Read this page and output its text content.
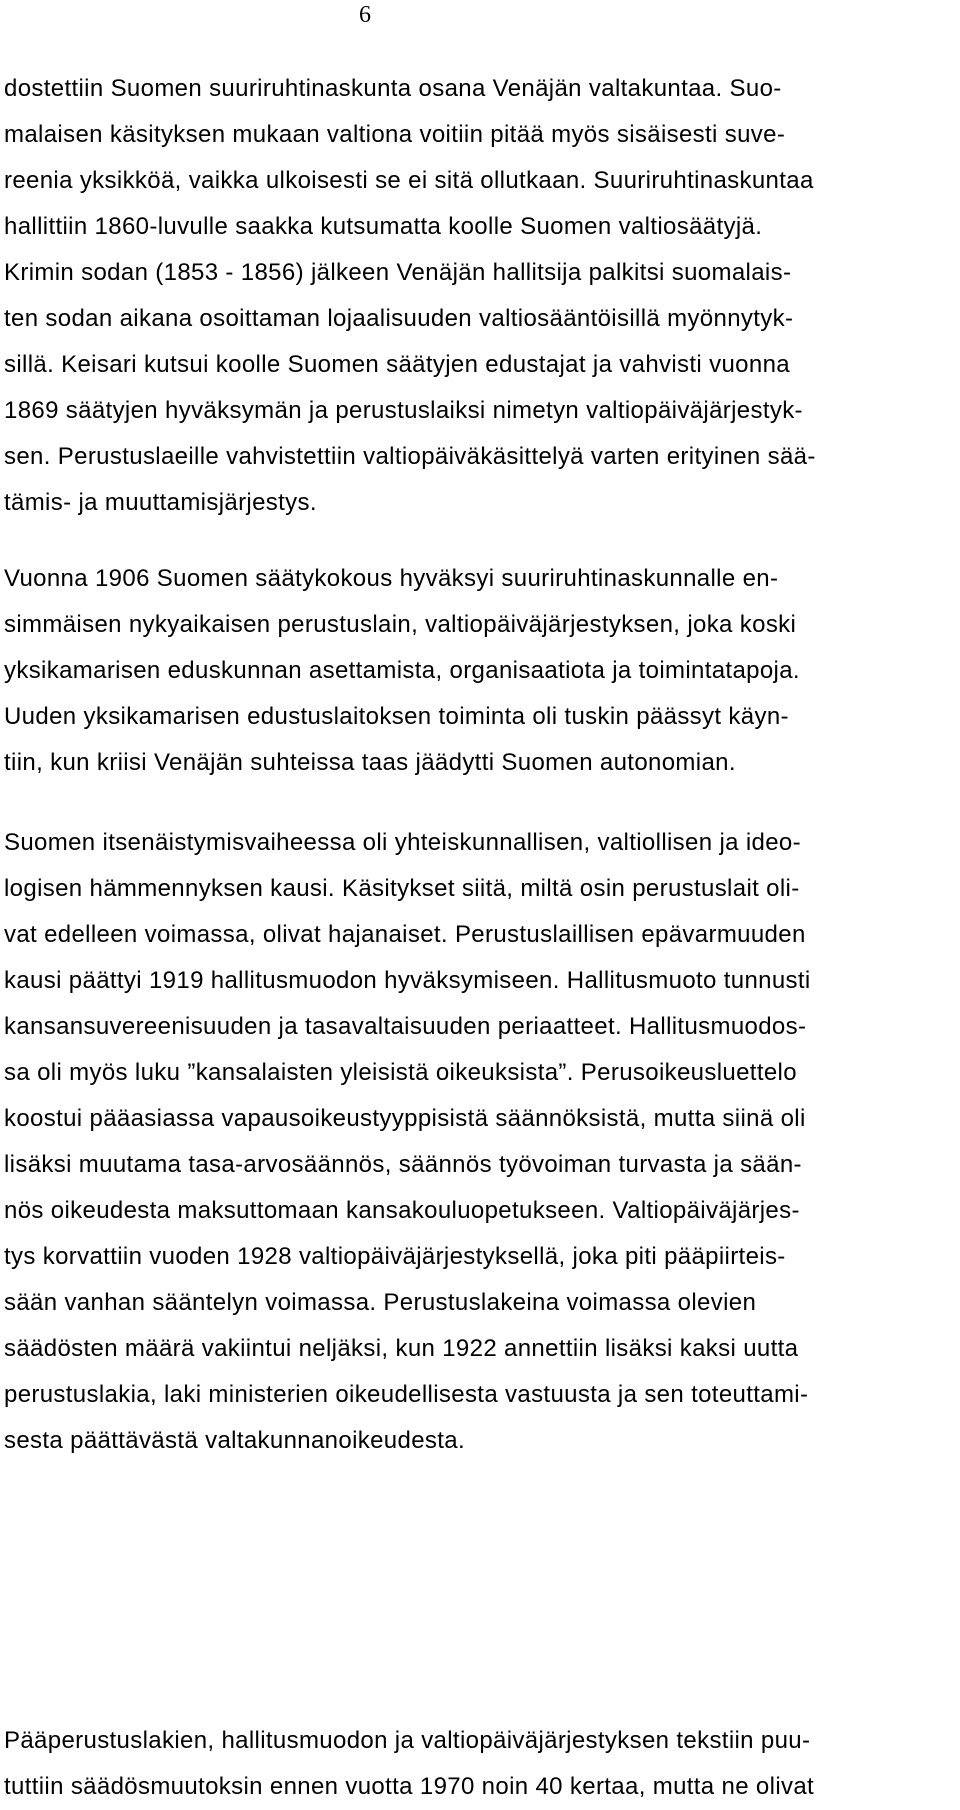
6
dostettiin Suomen suuriruhtinaskunta osana Venäjän valtakuntaa. Suo-
malaisen käsityksen mukaan valtiona voitiin pitää myös sisäisesti suve-
reenia yksikköä, vaikka ulkoisesti se ei sitä ollutkaan. Suuriruhtinaskuntaa
hallittiin 1860-luvulle saakka kutsumatta koolle Suomen valtiosäätyjä.
Krimin sodan (1853 - 1856) jälkeen Venäjän hallitsija palkitsi suomalais-
ten sodan aikana osoittaman lojaalisuuden valtiosääntöisillä myönnytyk-
sillä. Keisari kutsui koolle Suomen säätyjen edustajat ja vahvisti vuonna
1869 säätyjen hyväksymän ja perustuslaiksi nimetyn valtiopäiväjärjestyk-
sen. Perustuslaeille vahvistettiin valtiopäiväkäsittelyä varten erityinen sää-
tämis- ja muuttamisjärjestys.
Vuonna 1906 Suomen säätykokous hyväksyi suuriruhtinaskunnalle en-
simmäisen nykyaikaisen perustuslain, valtiopäiväjärjestyksen, joka koski
yksikamarisen eduskunnan asettamista, organisaatiota ja toimintatapoja.
Uuden yksikamarisen edustuslaitoksen toiminta oli tuskin päässyt käyn-
tiin, kun kriisi Venäjän suhteissa taas jäädytti Suomen autonomian.
Suomen itsenäistymisvaiheessa oli yhteiskunnallisen, valtiollisen ja ideo-
logisen hämmennyksen kausi. Käsitykset siitä, miltä osin perustuslait oli-
vat edelleen voimassa, olivat hajanaiset. Perustuslaillisen epävarmuuden
kausi päättyi 1919 hallitusmuodon hyväksymiseen. Hallitusmuoto tunnusti
kansansuvereenisuuden ja tasavaltaisuuden periaatteet. Hallitusmuodos-
sa oli myös luku ”kansalaisten yleisistä oikeuksista”. Perusoikeusluettelo
koostui pääasiassa vapausoikeustyyppisistä säännöksistä, mutta siinä oli
lisäksi muutama tasa-arvosäännös, säännös työvoiman turvasta ja sään-
nös oikeudesta maksuttomaan kansakouluopetukseen. Valtiopäiväjärjes-
tys korvattiin vuoden 1928 valtiopäiväjärjestyksellä, joka piti pääpiirteis-
sään vanhan sääntelyn voimassa. Perustuslakeina voimassa olevien
säädösten määrä vakiintui neljäksi, kun 1922 annettiin lisäksi kaksi uutta
perustuslakia, laki ministerien oikeudellisesta vastuusta ja sen toteuttami-
sesta päättävästä valtakunnanoikeudesta.
Pääperustuslakien, hallitusmuodon ja valtiopäiväjärjestyksen tekstiin puu-
tuttiin säädösmuutoksin ennen vuotta 1970 noin 40 kertaa, mutta ne olivat
